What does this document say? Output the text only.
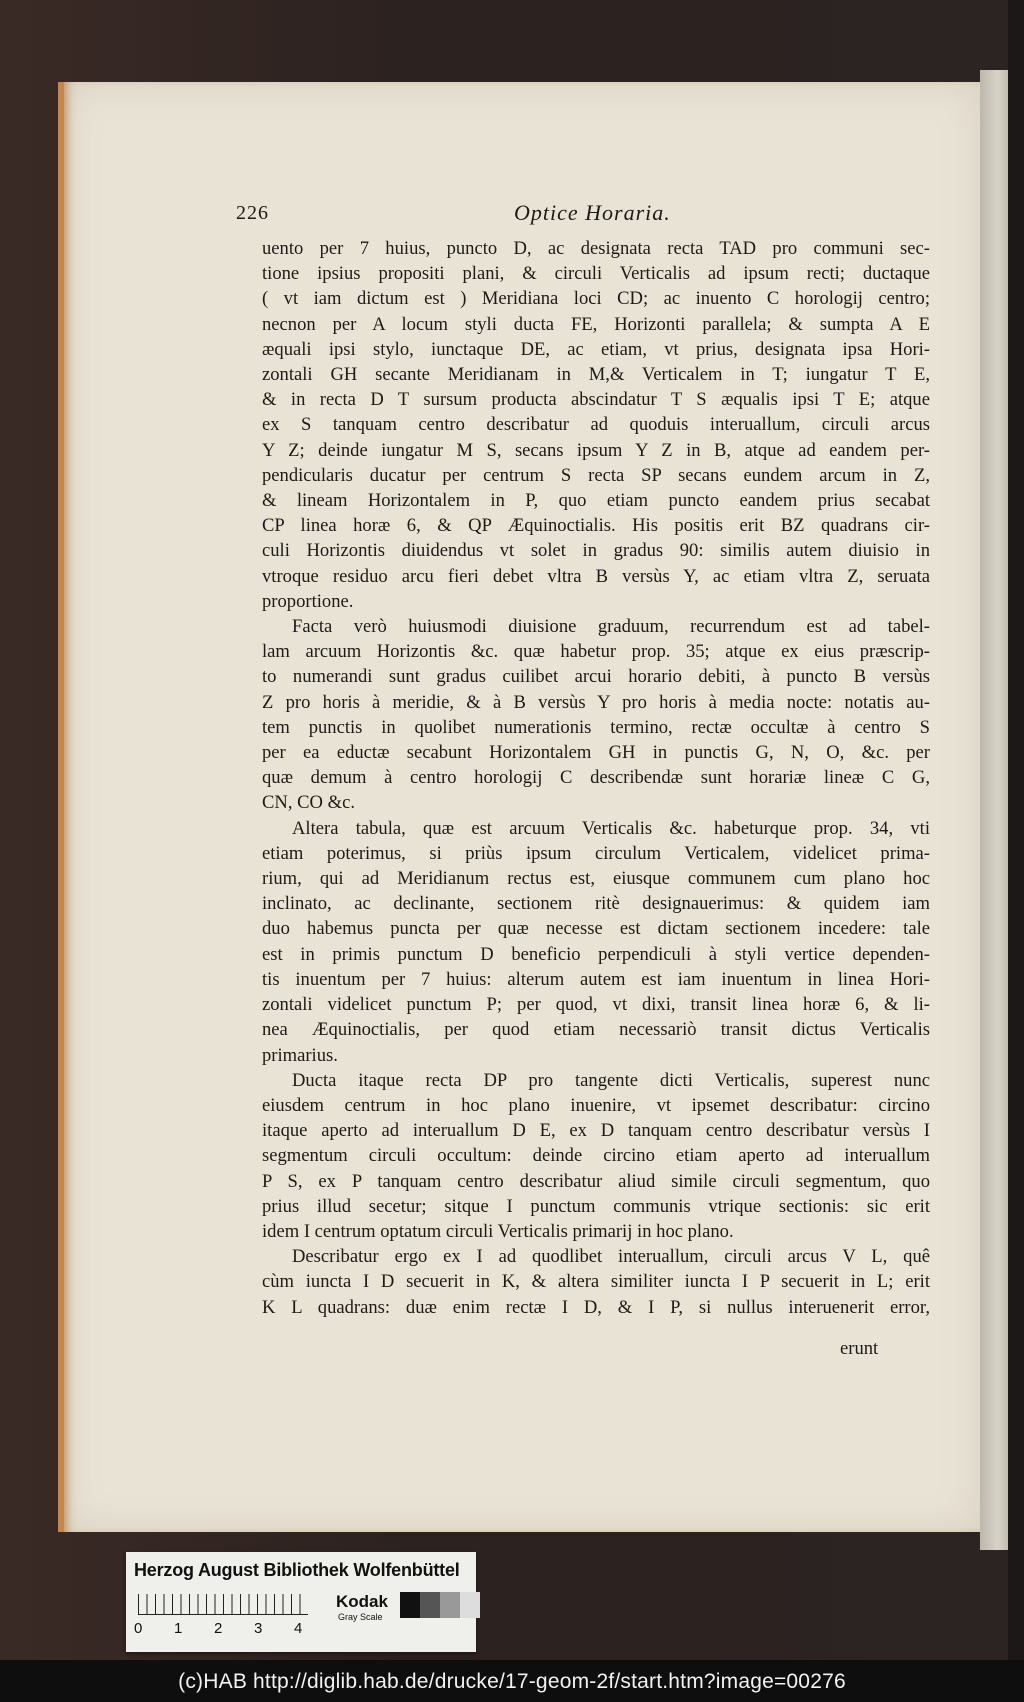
226	Optice Horaria.
uento per 7 huius, puncto D, ac designata recta TAD pro communi sec-
tione ipsius propositi plani, & circuli Verticalis ad ipsum recti; ductaque
( vt iam dictum est ) Meridiana loci CD; ac inuento C horologij centro;
necnon per A locum styli ducta FE, Horizonti parallela; & sumpta A E
æquali ipsi stylo, iunctaque DE, ac etiam, vt prius, designata ipsa Hori-
zontali GH secante Meridianam in M,& Verticalem in T; iungatur T E,
& in recta D T sursum producta abscindatur T S æqualis ipsi T E; atque
ex S tanquam centro describatur ad quoduis interuallum, circuli arcus
Y Z; deinde iungatur M S, secans ipsum Y Z in B, atque ad eandem per-
pendicularis ducatur per centrum S recta SP secans eundem arcum in Z,
& lineam Horizontalem in P, quo etiam puncto eandem prius secabat
CP linea horæ 6, & QP Æquinoctialis. His positis erit BZ quadrans cir-
culi Horizontis diuidendus vt solet in gradus 90: similis autem diuisio in
vtroque residuo arcu fieri debet vltra B versùs Y, ac etiam vltra Z, seruata
proportione.
Facta verò huiusmodi diuisione graduum, recurrendum est ad tabel-
lam arcuum Horizontis &c. quæ habetur prop. 35; atque ex eius præscrip-
to numerandi sunt gradus cuilibet arcui horario debiti, à puncto B versùs
Z pro horis à meridie, & à B versùs Y pro horis à media nocte: notatis au-
tem punctis in quolibet numerationis termino, rectæ occultæ à centro S
per ea eductæ secabunt Horizontalem GH in punctis G, N, O, &c. per
quæ demum à centro horologij C describendæ sunt horariæ lineæ C G,
CN, CO &c.
Altera tabula, quæ est arcuum Verticalis &c. habeturque prop. 34, vti
etiam poterimus, si priùs ipsum circulum Verticalem, videlicet prima-
rium, qui ad Meridianum rectus est, eiusque communem cum plano hoc
inclinato, ac declinante, sectionem ritè designauerimus: & quidem iam
duo habemus puncta per quæ necesse est dictam sectionem incedere: tale
est in primis punctum D beneficio perpendiculi à styli vertice dependen-
tis inuentum per 7 huius: alterum autem est iam inuentum in linea Hori-
zontali videlicet punctum P; per quod, vt dixi, transit linea horæ 6, & li-
nea Æquinoctialis, per quod etiam necessariò transit dictus Verticalis
primarius.
Ducta itaque recta DP pro tangente dicti Verticalis, superest nunc
eiusdem centrum in hoc plano inuenire, vt ipsemet describatur: circino
itaque aperto ad interuallum D E, ex D tanquam centro describatur versùs I
segmentum circuli occultum: deinde circino etiam aperto ad interuallum
P S, ex P tanquam centro describatur aliud simile circuli segmentum, quo
prius illud secetur; sitque I punctum communis vtrique sectionis: sic erit
idem I centrum optatum circuli Verticalis primarij in hoc plano.
Describatur ergo ex I ad quodlibet interuallum, circuli arcus V L, quê
cùm iuncta I D secuerit in K, & altera similiter iuncta I P secuerit in L; erit
K L quadrans: duæ enim rectæ I D, & I P, si nullus interuenerit error,
erunt
Herzog August Bibliothek Wolfenbüttel
0 1 2 3 4
Kodak
Gray Scale
(c)HAB http://diglib.hab.de/drucke/17-geom-2f/start.htm?image=00276
